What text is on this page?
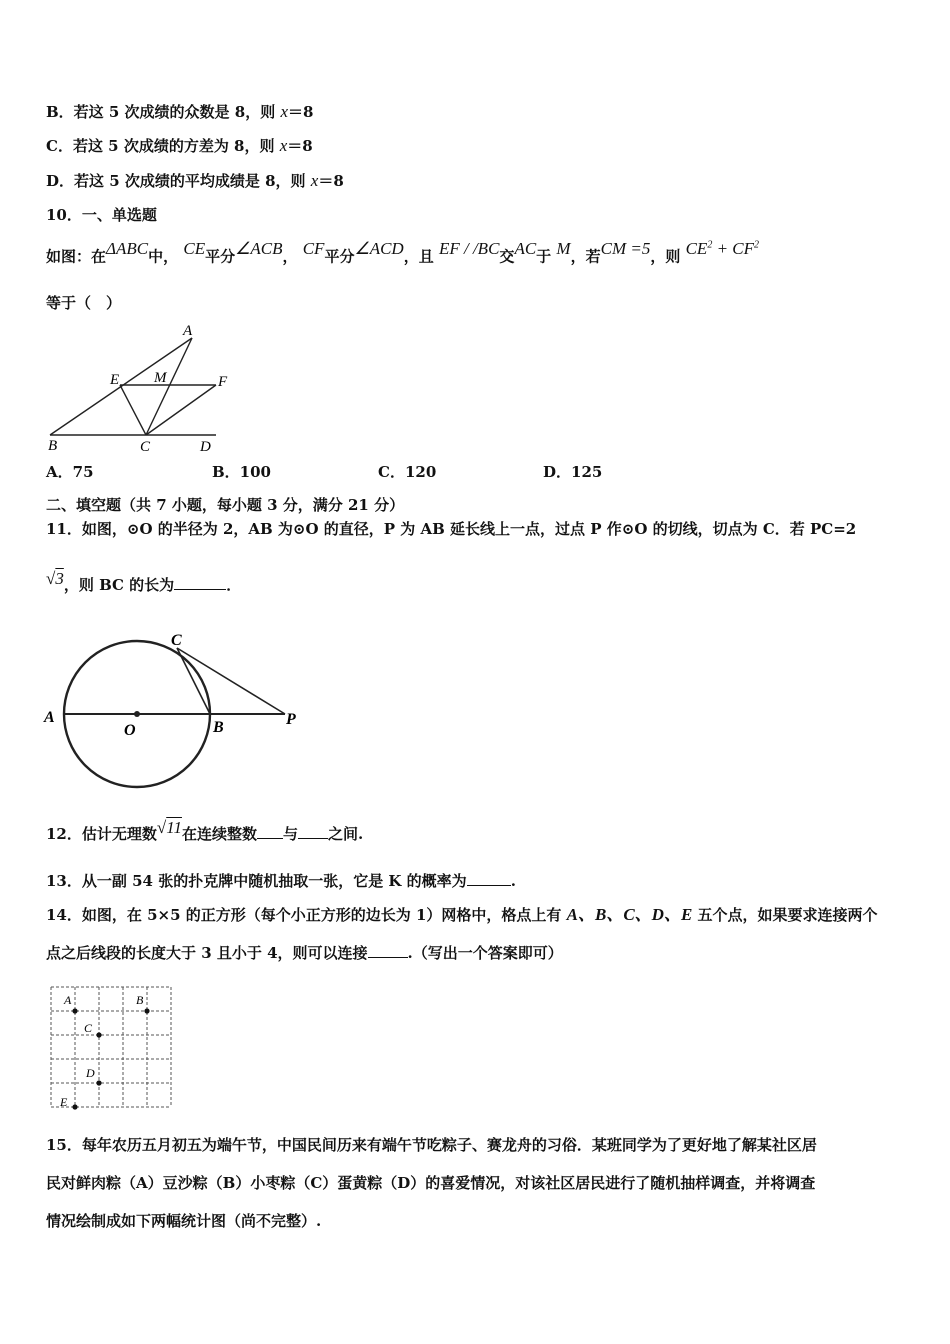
B．若这 5 次成绩的众数是 8，则 x＝8
C．若这 5 次成绩的方差为 8，则 x＝8
D．若这 5 次成绩的平均成绩是 8，则 x＝8
10．一、单选题
如图：在ΔABC中， CE平分∠ACB， CF平分∠ACD，且 EF / /BC交AC于 M，若CM =5，则 $CE^2 + CF^2$
等于（　）
A
E M	F
B	C	D
A．75	B．100	C．120	D．125
二、填空题（共 7 小题，每小题 3 分，满分 21 分）
11．如图，⊙O 的半径为 2，AB 为⊙O 的直径，P 为 AB 延长线上一点，过点 P 作⊙O 的切线，切点为 C．若 PC=2
√3，则 BC 的长为	．
A
O	B
C
P
12．估计无理数√11在连续整数 与 之间.
13．从一副 54 张的扑克牌中随机抽取一张，它是 K 的概率为	.
14．如图，在 5×5 的正方形（每个小正方形的边长为 1）网格中，格点上有 A、B、C、D、E 五个点，如果要求连接两个
点之后线段的长度大于 3 且小于 4，则可以连接	.（写出一个答案即可）
A	B
C
D
E
15．每年农历五月初五为端午节，中国民间历来有端午节吃粽子、赛龙舟的习俗．某班同学为了更好地了解某社区居
民对鲜肉粽（A）豆沙粽（B）小枣粽（C）蛋黄粽（D）的喜爱情况，对该社区居民进行了随机抽样调查，并将调查
情况绘制成如下两幅统计图（尚不完整）.
